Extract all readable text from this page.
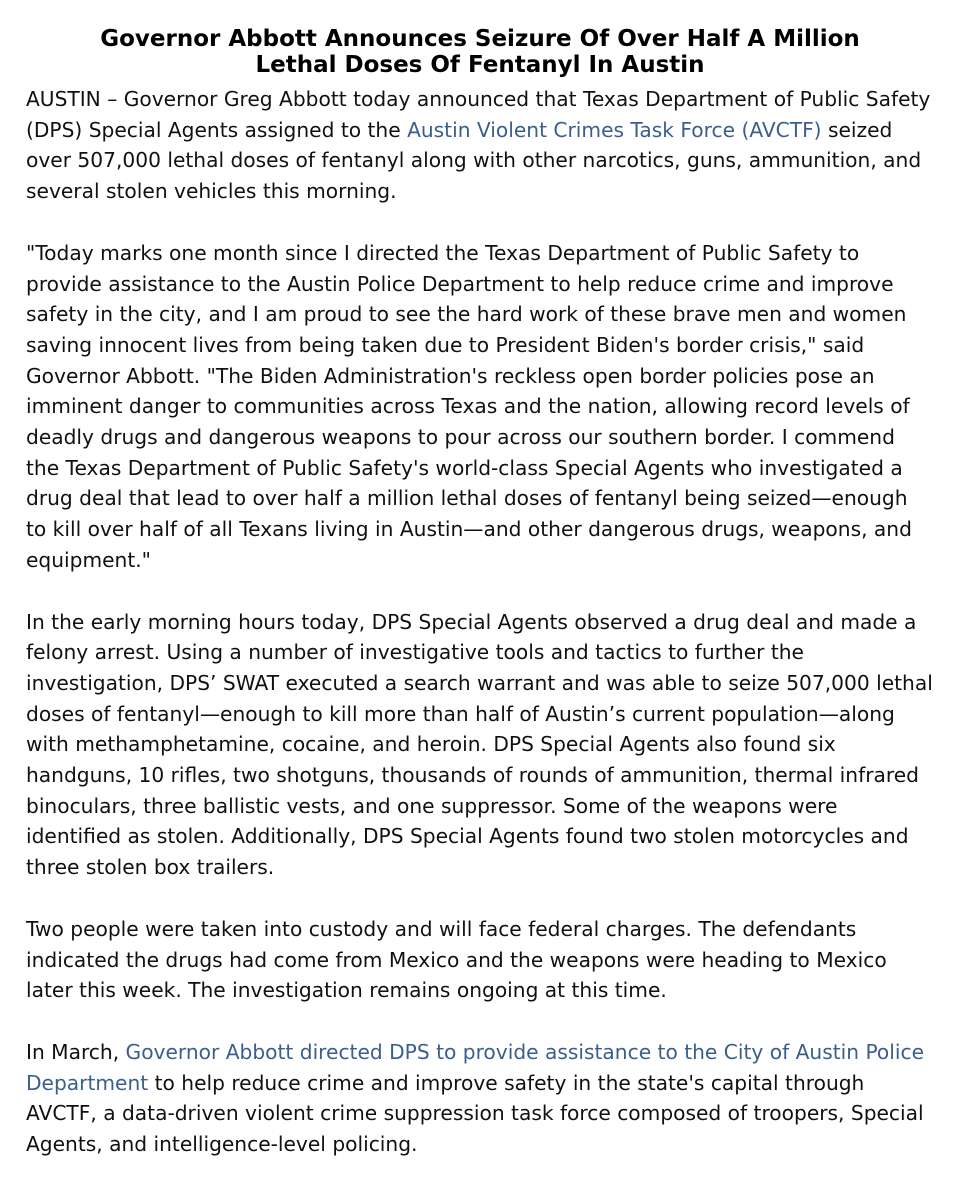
Governor Abbott Announces Seizure Of Over Half A Million Lethal Doses Of Fentanyl In Austin

AUSTIN – Governor Greg Abbott today announced that Texas Department of Public Safety (DPS) Special Agents assigned to the Austin Violent Crimes Task Force (AVCTF) seized over 507,000 lethal doses of fentanyl along with other narcotics, guns, ammunition, and several stolen vehicles this morning.

"Today marks one month since I directed the Texas Department of Public Safety to provide assistance to the Austin Police Department to help reduce crime and improve safety in the city, and I am proud to see the hard work of these brave men and women saving innocent lives from being taken due to President Biden's border crisis," said Governor Abbott. "The Biden Administration's reckless open border policies pose an imminent danger to communities across Texas and the nation, allowing record levels of deadly drugs and dangerous weapons to pour across our southern border. I commend the Texas Department of Public Safety's world-class Special Agents who investigated a drug deal that lead to over half a million lethal doses of fentanyl being seized—enough to kill over half of all Texans living in Austin—and other dangerous drugs, weapons, and equipment."

In the early morning hours today, DPS Special Agents observed a drug deal and made a felony arrest. Using a number of investigative tools and tactics to further the investigation, DPS’ SWAT executed a search warrant and was able to seize 507,000 lethal doses of fentanyl—enough to kill more than half of Austin’s current population—along with methamphetamine, cocaine, and heroin. DPS Special Agents also found six handguns, 10 rifles, two shotguns, thousands of rounds of ammunition, thermal infrared binoculars, three ballistic vests, and one suppressor. Some of the weapons were identified as stolen. Additionally, DPS Special Agents found two stolen motorcycles and three stolen box trailers.

Two people were taken into custody and will face federal charges. The defendants indicated the drugs had come from Mexico and the weapons were heading to Mexico later this week. The investigation remains ongoing at this time.

In March, Governor Abbott directed DPS to provide assistance to the City of Austin Police Department to help reduce crime and improve safety in the state's capital through AVCTF, a data-driven violent crime suppression task force composed of troopers, Special Agents, and intelligence-level policing.
